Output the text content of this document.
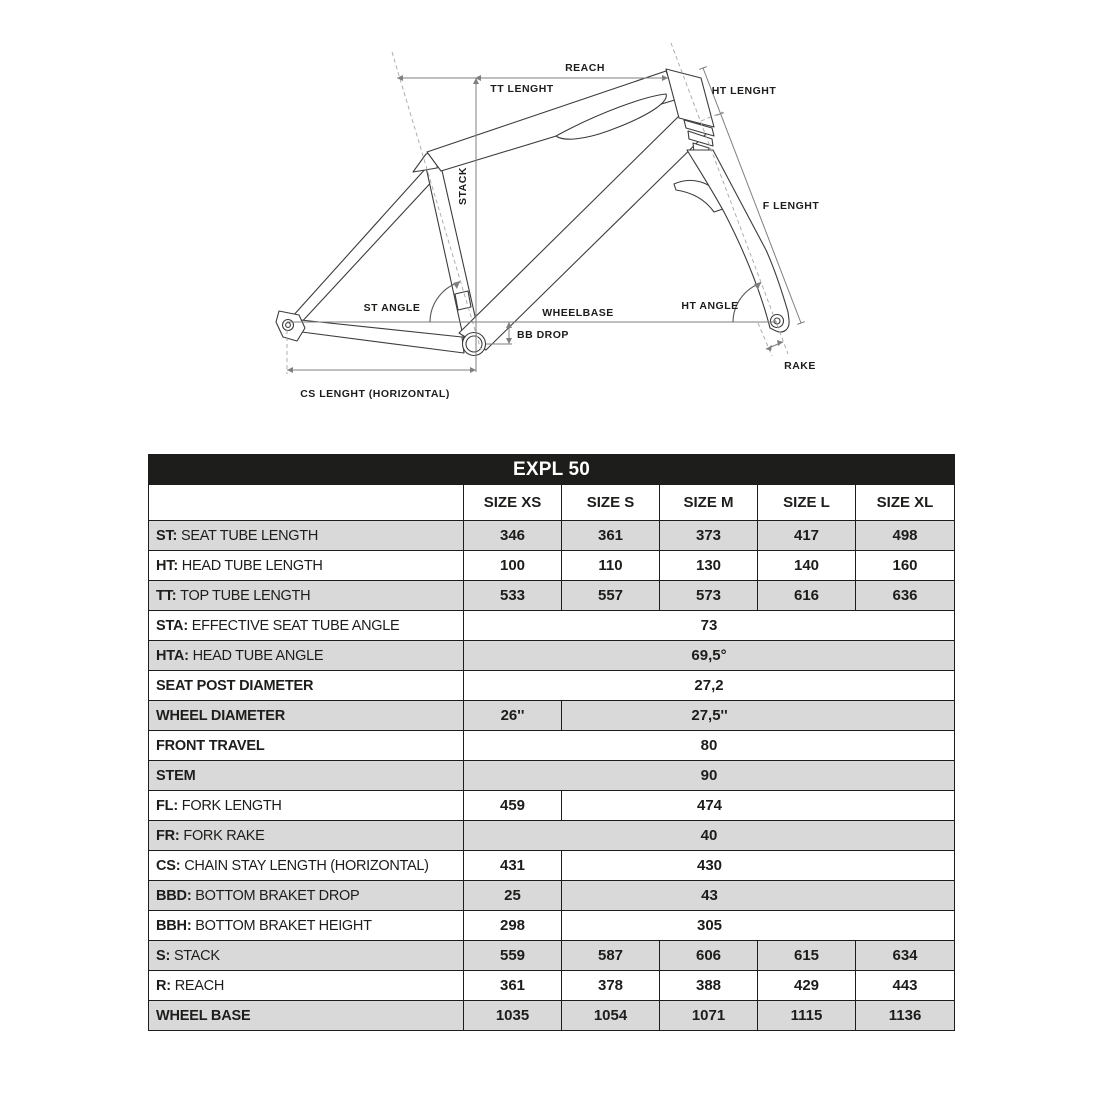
REACH
TT LENGHT	HT LENGHT
STACK
F LENGHT
ST ANGLE	WHEELBASE
BB DROP
HT ANGLE
RAKE
CS LENGHT (HORIZONTAL)
EXPL 50					
	SIZE XS	SIZE S	SIZE M	SIZE L	SIZE XL
ST: SEAT TUBE LENGTH	346	361	373	417	498
HT: HEAD TUBE LENGTH	100	110	130	140	160
TT: TOP TUBE LENGTH	533	557	573	616	636
STA: EFFECTIVE SEAT TUBE ANGLE	73				
HTA: HEAD TUBE ANGLE	69,5°				
SEAT POST DIAMETER	27,2				
WHEEL DIAMETER	26''	27,5''			
FRONT TRAVEL	80				
STEM	90				
FL: FORK LENGTH	459	474			
FR: FORK RAKE	40				
CS: CHAIN STAY LENGTH (HORIZONTAL)	431	430			
BBD: BOTTOM BRAKET DROP	25	43			
BBH: BOTTOM BRAKET HEIGHT	298	305			
S: STACK	559	587	606	615	634
R: REACH	361	378	388	429	443
WHEEL BASE	1035	1054	1071	1115	1136
